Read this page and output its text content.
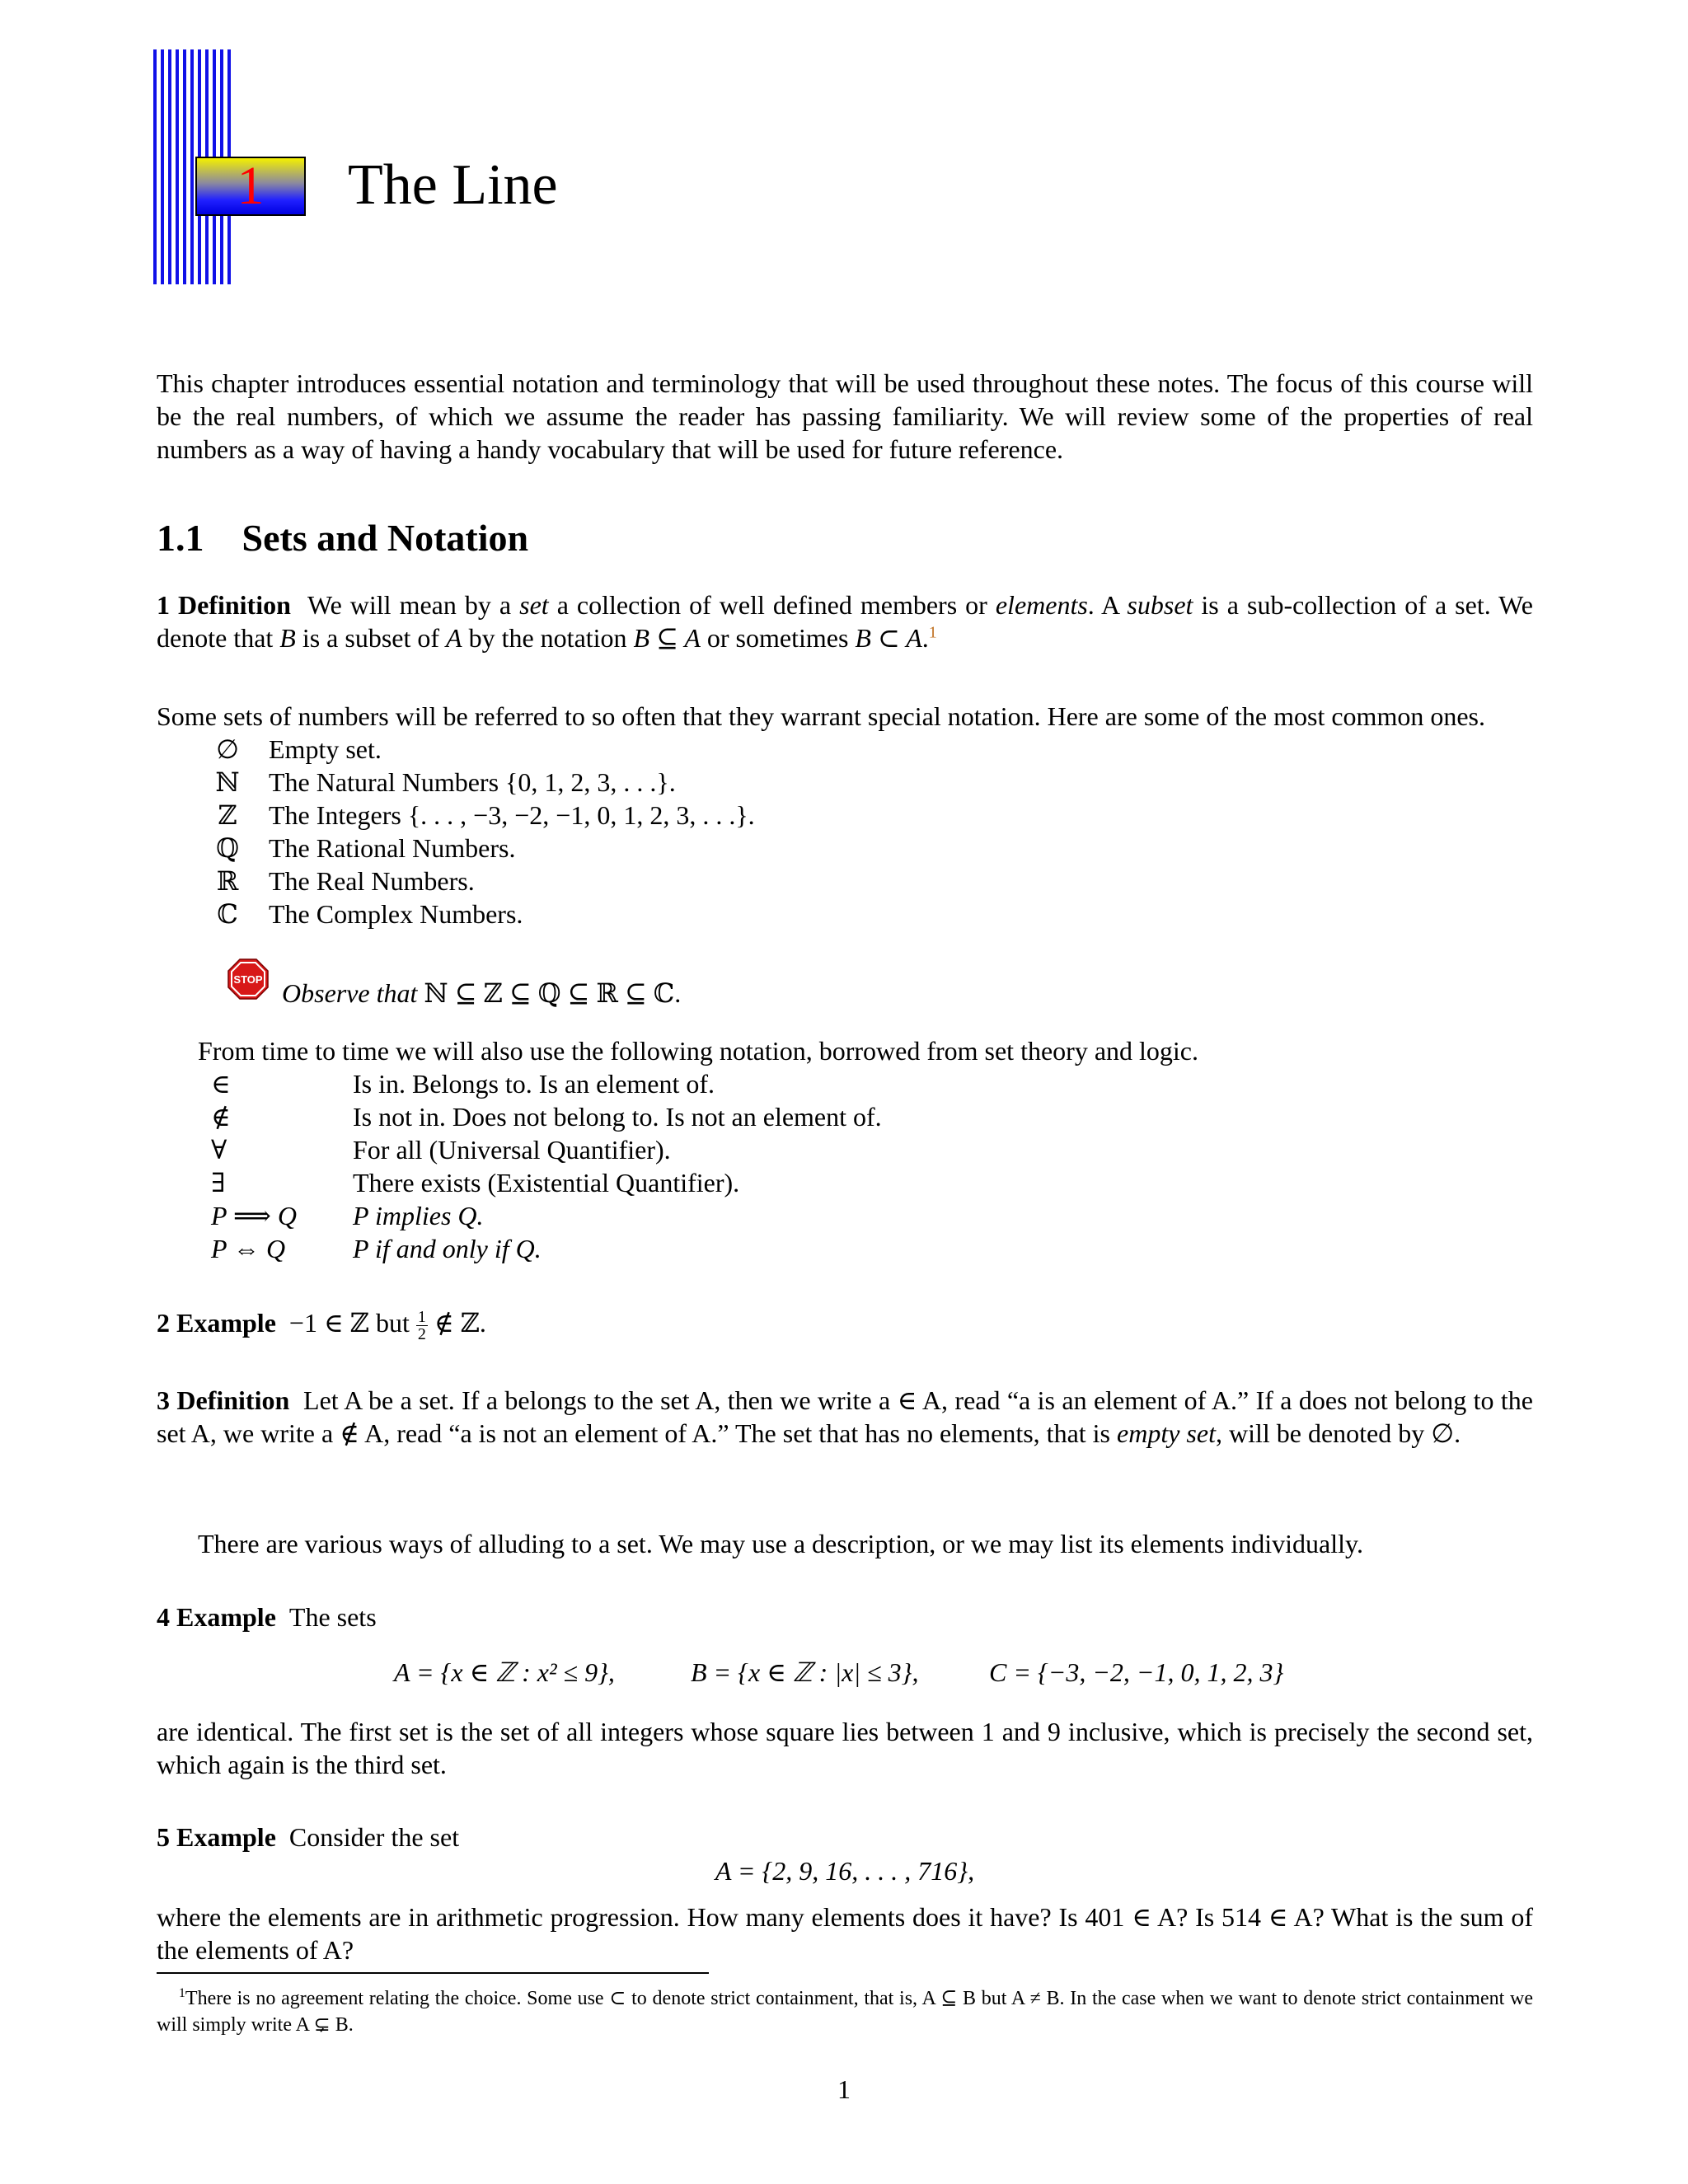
1	The Line
This chapter introduces essential notation and terminology that will be used throughout these notes. The focus of this course will be the real numbers, of which we assume the reader has passing familiarity. We will review some of the properties of real numbers as a way of having a handy vocabulary that will be used for future reference.
1.1 Sets and Notation
1 Definition We will mean by a set a collection of well defined members or elements. A subset is a sub-collection of a set. We denote that B is a subset of A by the notation B ⊆ A or sometimes B ⊂ A.$^1$
Some sets of numbers will be referred to so often that they warrant special notation. Here are some of the most common ones.
∅	Empty set.
ℕ	The Natural Numbers {0, 1, 2, 3, . . .}.
ℤ	The Integers {. . . , −3, −2, −1, 0, 1, 2, 3, . . .}.
ℚ	The Rational Numbers.
ℝ	The Real Numbers.
ℂ	The Complex Numbers.
STOP Observe that ℕ ⊆ ℤ ⊆ ℚ ⊆ ℝ ⊆ ℂ.
From time to time we will also use the following notation, borrowed from set theory and logic.
∈	Is in. Belongs to. Is an element of.
∉	Is not in. Does not belong to. Is not an element of.
∀	For all (Universal Quantifier).
∃	There exists (Existential Quantifier).
P ⟹ Q	P implies Q.
P ⇔ Q	P if and only if Q.
2 Example −1 ∈ ℤ but $\frac{1}{2}$ ∉ ℤ.
3 Definition Let A be a set. If a belongs to the set A, then we write a ∈ A, read “a is an element of A.” If a does not belong to the set A, we write a ∉ A, read “a is not an element of A.” The set that has no elements, that is empty set, will be denoted by ∅.
There are various ways of alluding to a set. We may use a description, or we may list its elements individually.
4 Example The sets
A = {x ∈ ℤ : x² ≤ 9},	B = {x ∈ ℤ : |x| ≤ 3},	C = {−3, −2, −1, 0, 1, 2, 3}
are identical. The first set is the set of all integers whose square lies between 1 and 9 inclusive, which is precisely the second set, which again is the third set.
5 Example Consider the set
A = {2, 9, 16, . . . , 716},
where the elements are in arithmetic progression. How many elements does it have? Is 401 ∈ A? Is 514 ∈ A? What is the sum of the elements of A?
$^1$There is no agreement relating the choice. Some use ⊂ to denote strict containment, that is, A ⊆ B but A ≠ B. In the case when we want to denote strict containment we will simply write A ⊊ B.
1
